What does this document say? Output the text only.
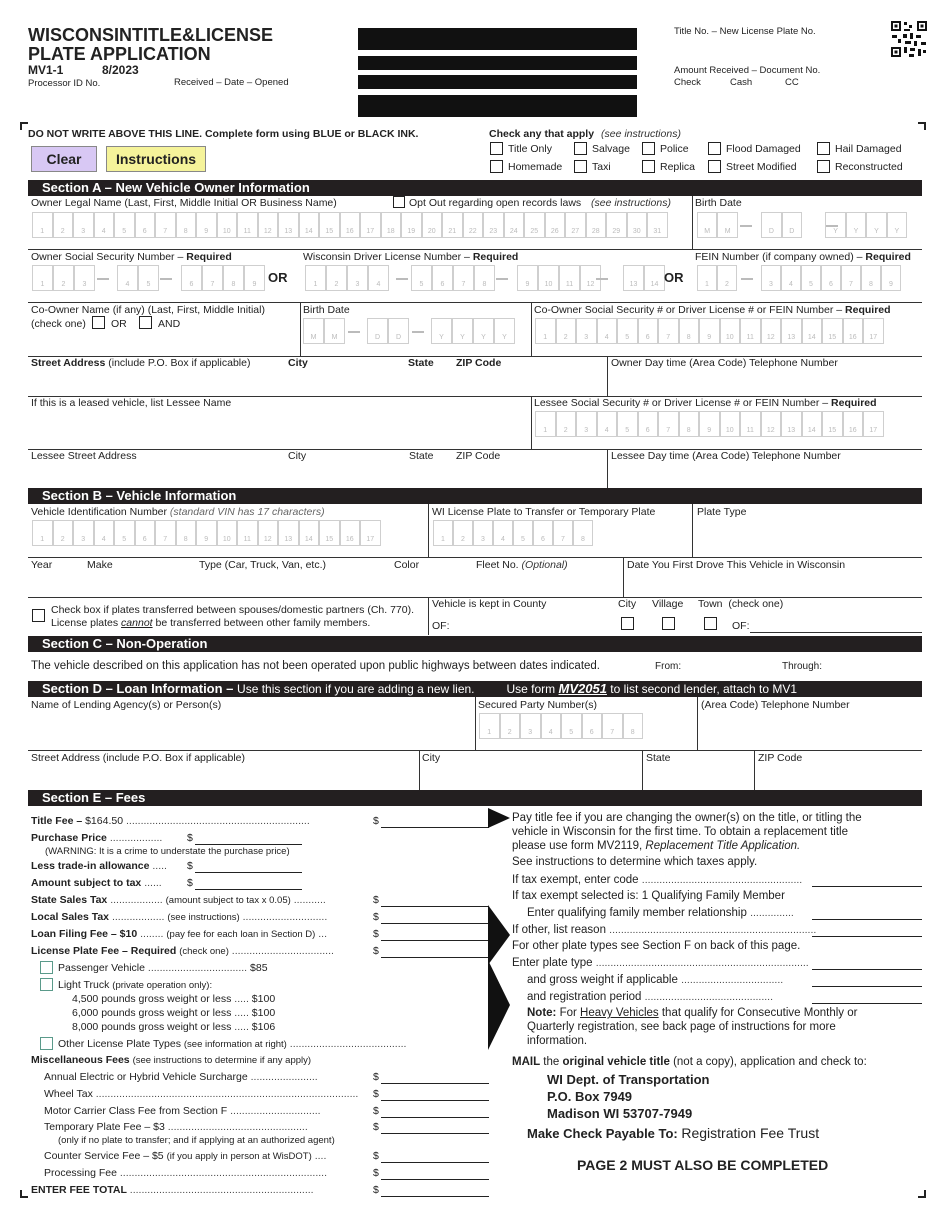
WISCONSINTITLE&LICENSE
PLATE APPLICATION
MV1-1	8/2023
Processor ID No.	Received – Date – Opened
Title No. – New License Plate No.
Amount Received – Document No.
Check	Cash	CC
DO NOT WRITE ABOVE THIS LINE. Complete form using BLUE or BLACK INK.	Check any that apply (see instructions)
Clear	Instructions
Title Only	Salvage	Police	Flood Damaged	Hail Damaged
Homemade	Taxi	Replica	Street Modified	Reconstructed
Section A – New Vehicle Owner Information
Owner Legal Name (Last, First, Middle Initial OR Business Name)	Opt Out regarding open records laws (see instructions) Birth Date
1	2	3	4	5	6	7	8	9	10	11	12	13	14	15	16	17	18	19	20	21	22	23	24	25	26	27	28	29	30	31	M	M	D	D	Y	Y	Y	Y
Owner Social Security Number – Required	Wisconsin Driver License Number – Required	FEIN Number (if company owned) – Required
1	2	3	4	5	6	7	8	9 OR	1	2	3	4	5	6	7	8	9	10	11	12	13	14 OR	1	2	3	4	5	6	7	8	9
Co-Owner Name (if any) (Last, First, Middle Initial)
(check one) OR	AND
Birth Date
M	M	D	D	Y	Y	Y	Y
Co-Owner Social Security # or Driver License # or FEIN Number – Required
1	2	3	4	5	6	7	8	9	10	11	12	13	14	15	16	17
Street Address (include P.O. Box if applicable)	City	State ZIP Code	Owner Day time (Area Code) Telephone Number
If this is a leased vehicle, list Lessee Name	Lessee Social Security # or Driver License # or FEIN Number – Required
1	2	3	4	5	6	7	8	9	10	11	12	13	14	15	16	17
Lessee Street Address	City	State ZIP Code	Lessee Day time (Area Code) Telephone Number
Section B – Vehicle Information
Vehicle Identification Number (standard VIN has 17 characters)
1	2	3	4	5	6	7	8	9	10	11	12	13	14	15	16	17
WI License Plate to Transfer or Temporary Plate
1	2	3	4	5	6	7	8
Plate Type
Year	Make	Type (Car, Truck, Van, etc.)	Color	Fleet No. (Optional)	Date You First Drove This Vehicle in Wisconsin
Check box if plates transferred between spouses/domestic partners (Ch. 770).
License plates cannot be transferred between other family members.
Vehicle is kept in County
OF:
City Village Town (check one)
OF:
Section C – Non-Operation
The vehicle described on this application has not been operated upon public highways between dates indicated.	From:	Through:
Section D – Loan Information – Use this section if you are adding a new lien.	Use form MV2051 to list second lender, attach to MV1
Name of Lending Agency(s) or Person(s)	Secured Party Number(s)
1	2	3	4	5	6	7	8
(Area Code) Telephone Number
Street Address (include P.O. Box if applicable)	City	State	ZIP Code
Section E – Fees
Title Fee – $164.50 ...............................................................	$
Purchase Price .................. $
(WARNING: It is a crime to understate the purchase price)
Less trade-in allowance ..... $
Amount subject to tax ...... $
State Sales Tax .................. (amount subject to tax x 0.05) ...........	$
Local Sales Tax .................. (see instructions) .............................	$
Loan Filing Fee – $10 ........ (pay fee for each loan in Section D) ...	$
License Plate Fee – Required (check one) ...................................	$
Passenger Vehicle .................................. $85
Light Truck (private operation only):
4,500 pounds gross weight or less ..... $100
6,000 pounds gross weight or less ..... $100
8,000 pounds gross weight or less ..... $106
Other License Plate Types (see information at right) ........................................
Miscellaneous Fees (see instructions to determine if any apply)
Annual Electric or Hybrid Vehicle Surcharge .......................	$
Wheel Tax .......................................................................................... $
Motor Carrier Class Fee from Section F ...............................	$
Temporary Plate Fee – $3 ................................................	$
(only if no plate to transfer; and if applying at an authorized agent)
Counter Service Fee – $5 (if you apply in person at WisDOT) ....	$
Processing Fee .......................................................................	$
ENTER FEE TOTAL ...............................................................	$
Pay title fee if you are changing the owner(s) on the title, or titling the
vehicle in Wisconsin for the first time. To obtain a replacement title
please use form MV2119, Replacement Title Application.
See instructions to determine which taxes apply.
If tax exempt, enter code .......................................................
If tax exempt selected is: 1 Qualifying Family Member
Enter qualifying family member relationship ...............
If other, list reason .......................................................................
For other plate types see Section F on back of this page.
Enter plate type .........................................................................
and gross weight if applicable ...................................
and registration period ............................................
Note: For Heavy Vehicles that qualify for Consecutive Monthly or
Quarterly registration, see back page of instructions for more
information.
MAIL the original vehicle title (not a copy), application and check to:
WI Dept. of Transportation
P.O. Box 7949
Madison WI 53707-7949
Make Check Payable To: Registration Fee Trust
PAGE 2 MUST ALSO BE COMPLETED
